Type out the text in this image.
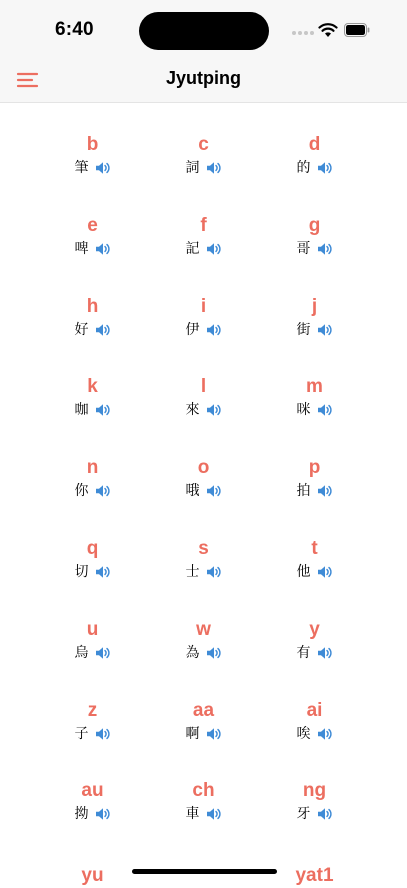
6:40
Jyutping
b
筆
c
詞
d
的
e
啤
f
記
g
哥
h
好
i
伊
j
街
k
咖
l
來
m
咪
n
你
o
哦
p
拍
q
切
s
士
t
他
u
烏
w
為
y
有
z
子
aa
啊
ai
唉
au
拗
ch
車
ng
牙
yu	yat1
